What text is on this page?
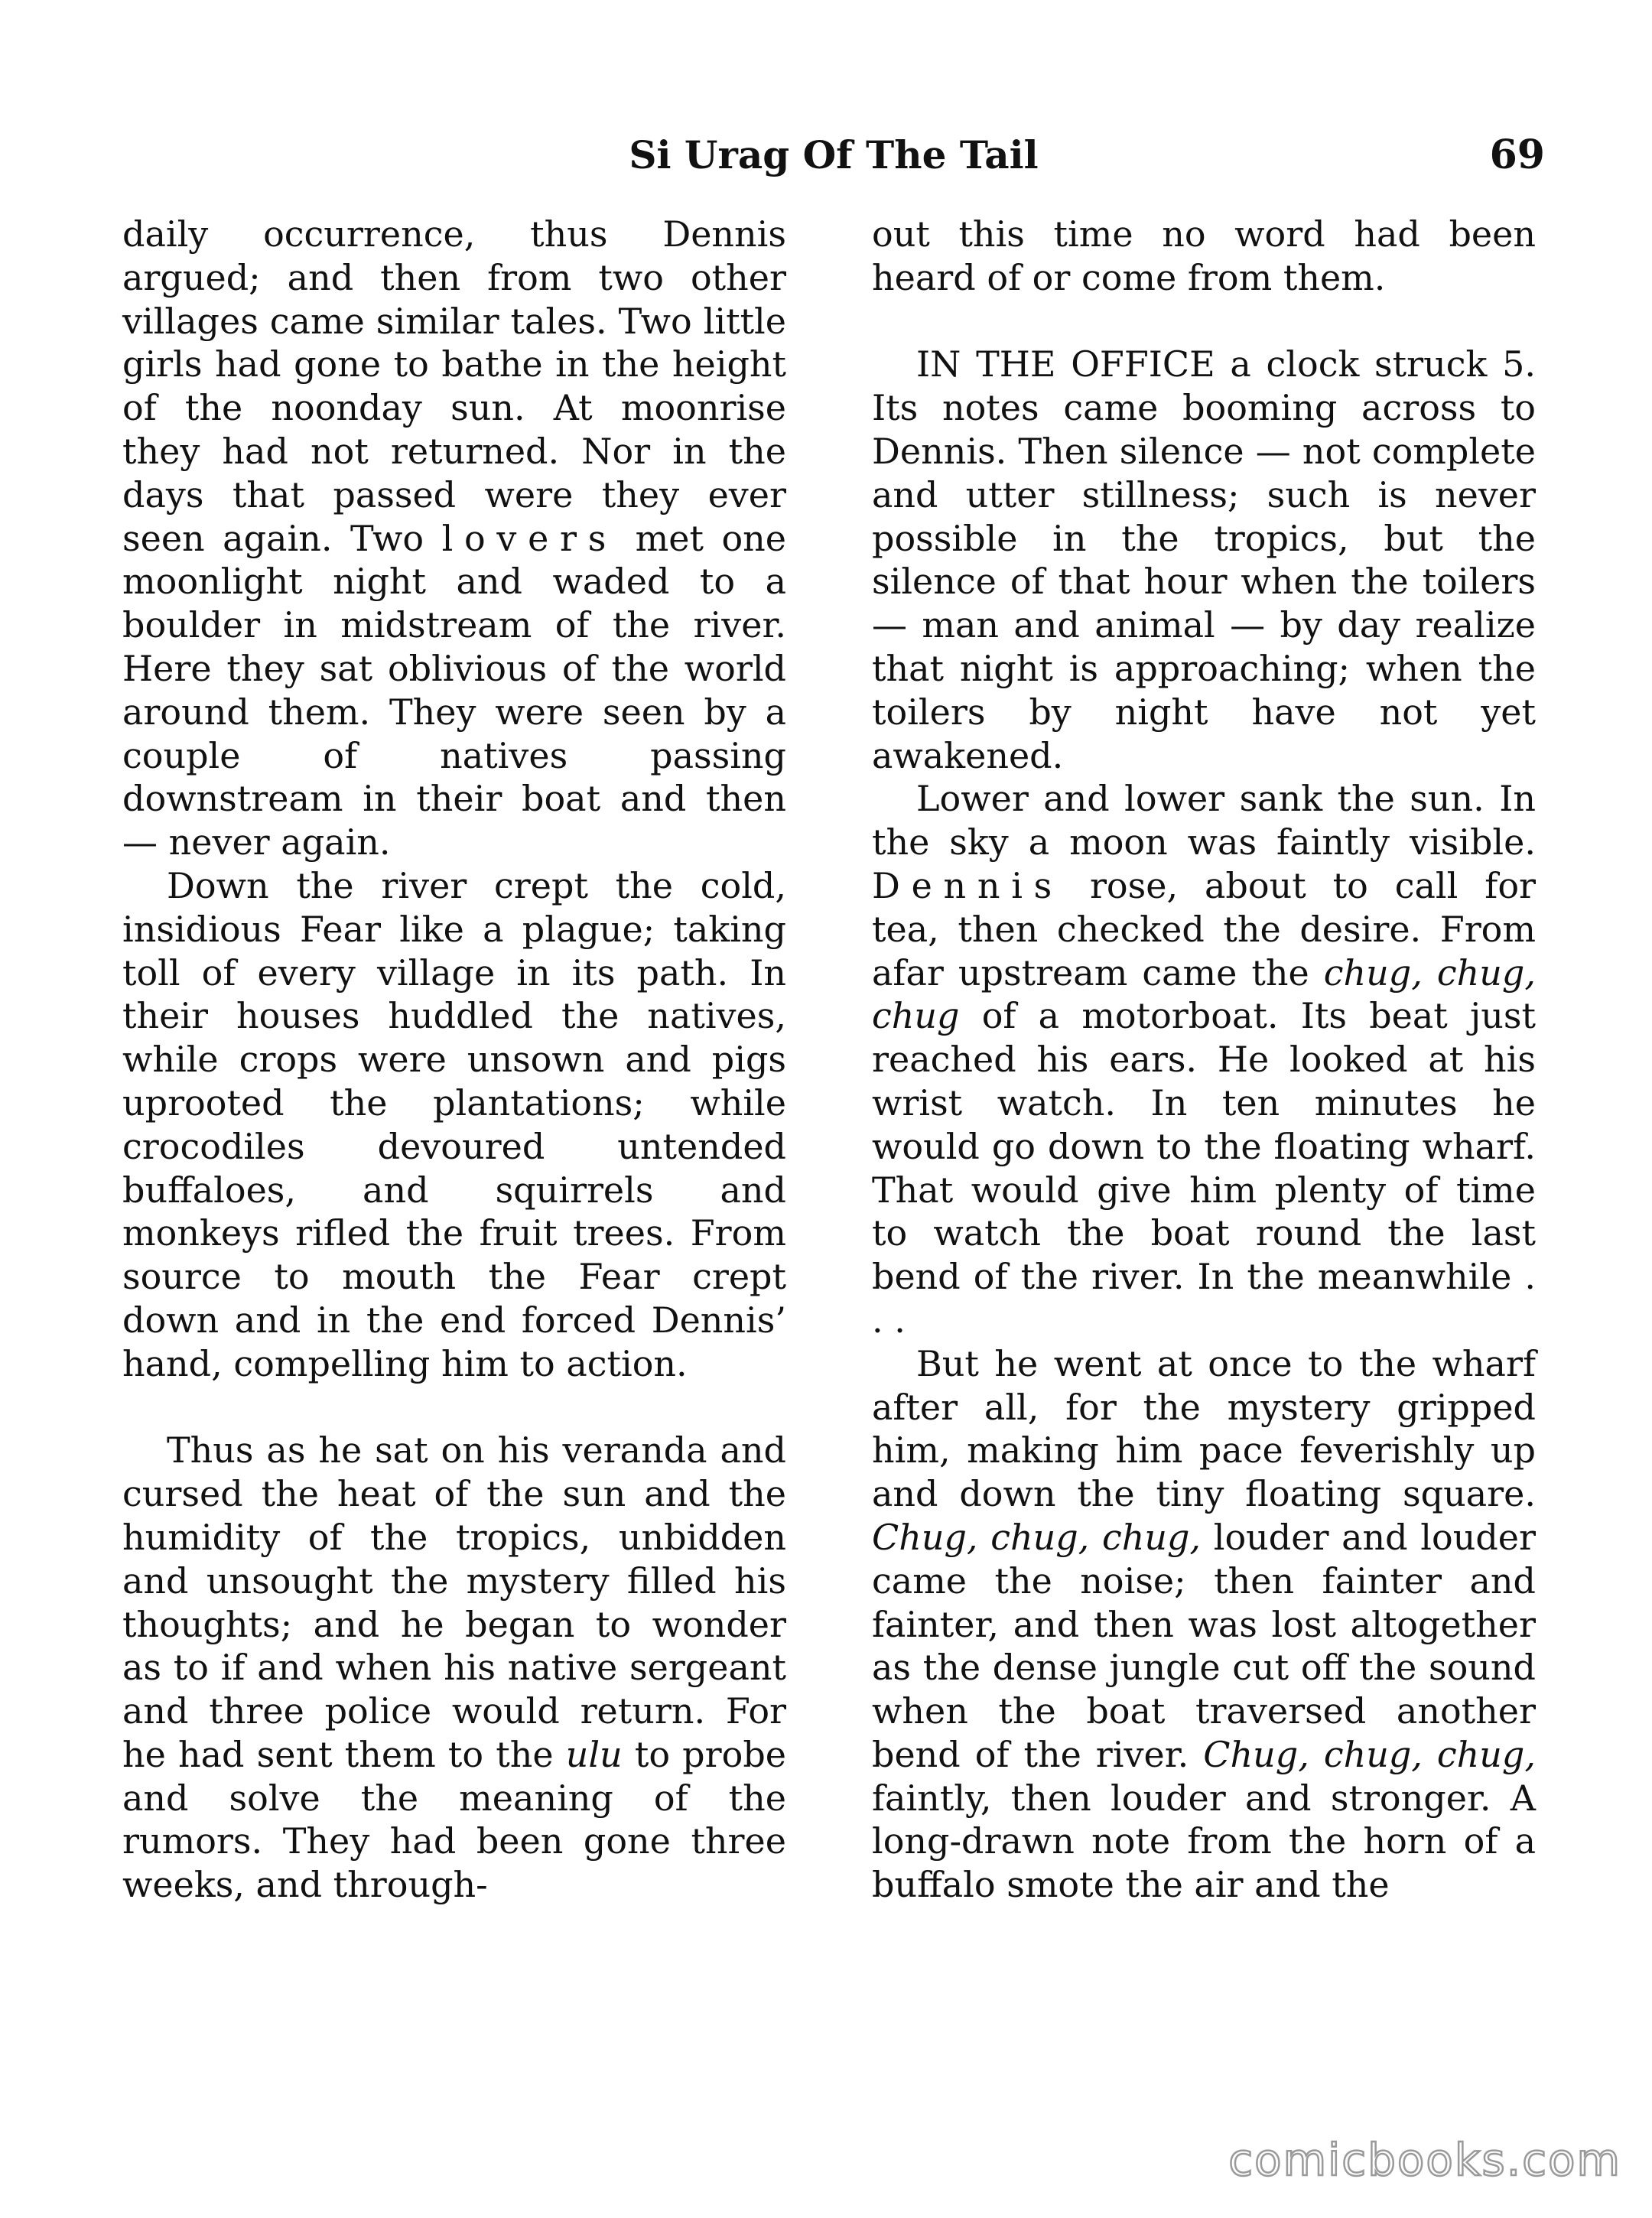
Si Urag Of The Tail	69

daily occurrence, thus Dennis argued; and then from two other villages came similar tales. Two little girls had gone to bathe in the height of the noonday sun. At moonrise they had not returned. Nor in the days that passed were they ever seen again. Two lovers met one moonlight night and waded to a boulder in midstream of the river. Here they sat oblivious of the world around them. They were seen by a couple of natives passing downstream in their boat and then — never again.

Down the river crept the cold, insidious Fear like a plague; taking toll of every village in its path. In their houses huddled the natives, while crops were unsown and pigs uprooted the plantations; while crocodiles devoured untended buffaloes, and squirrels and monkeys rifled the fruit trees. From source to mouth the Fear crept down and in the end forced Dennis’ hand, compelling him to action.

Thus as he sat on his veranda and cursed the heat of the sun and the humidity of the tropics, unbidden and unsought the mystery filled his thoughts; and he began to wonder as to if and when his native sergeant and three police would return. For he had sent them to the ulu to probe and solve the meaning of the rumors. They had been gone three weeks, and through-

out this time no word had been heard of or come from them.

IN THE OFFICE a clock struck 5. Its notes came booming across to Dennis. Then silence — not complete and utter stillness; such is never possible in the tropics, but the silence of that hour when the toilers — man and animal — by day realize that night is approaching; when the toilers by night have not yet awakened.

Lower and lower sank the sun. In the sky a moon was faintly visible. Dennis rose, about to call for tea, then checked the desire. From afar upstream came the chug, chug, chug of a motorboat. Its beat just reached his ears. He looked at his wrist watch. In ten minutes he would go down to the floating wharf. That would give him plenty of time to watch the boat round the last bend of the river. In the meanwhile . . .

But he went at once to the wharf after all, for the mystery gripped him, making him pace feverishly up and down the tiny floating square. Chug, chug, chug, louder and louder came the noise; then fainter and fainter, and then was lost altogether as the dense jungle cut off the sound when the boat traversed another bend of the river. Chug, chug, chug, faintly, then louder and stronger. A long-drawn note from the horn of a buffalo smote the air and the

comicbooks.com
